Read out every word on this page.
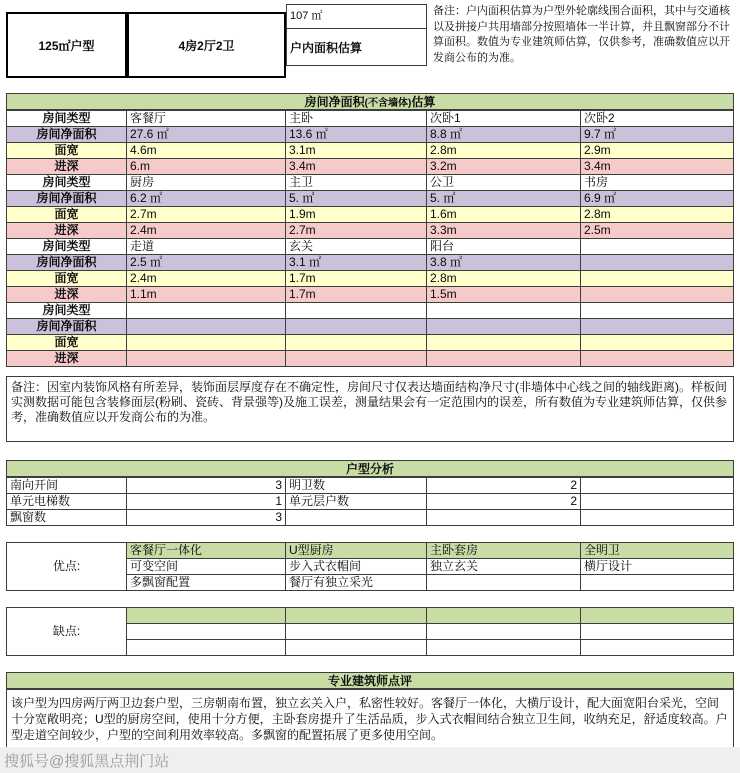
125㎡户型	4房2厅2卫
107 ㎡
户内面积估算
备注：户内面积估算为户型外轮廓线围合面积，其中与交通核以及拼接户共用墙部分按照墙体一半计算，并且飘窗部分不计算面积。数值为专业建筑师估算，仅供参考，准确数值应以开发商公布的为准。
房间净面积(不含墙体)估算
房间类型	客餐厅	主卧	次卧1	次卧2
房间净面积	27.6 ㎡	13.6 ㎡	8.8 ㎡	9.7 ㎡
面宽	4.6m	3.1m	2.8m	2.9m
进深	6.m	3.4m	3.2m	3.4m
房间类型	厨房	主卫	公卫	书房
房间净面积	6.2 ㎡	5. ㎡	5. ㎡	6.9 ㎡
面宽	2.7m	1.9m	1.6m	2.8m
进深	2.4m	2.7m	3.3m	2.5m
房间类型	走道	玄关	阳台
房间净面积	2.5 ㎡	3.1 ㎡	3.8 ㎡
面宽	2.4m	1.7m	2.8m
进深	1.1m	1.7m	1.5m
房间类型
房间净面积
面宽
进深
备注：因室内装饰风格有所差异，装饰面层厚度存在不确定性，房间尺寸仅表达墙面结构净尺寸(非墙体中心线之间的轴线距离)。样板间实测数据可能包含装修面层(粉刷、瓷砖、背景强等)及施工误差，测量结果会有一定范围内的误差，所有数值为专业建筑师估算，仅供参考，准确数值应以开发商公布的为准。
户型分析
南向开间	3 明卫数	2
单元电梯数	1 单元层户数	2
飘窗数	3
优点:
客餐厅一体化	U型厨房	主卧套房	全明卫
可变空间	步入式衣帽间	独立玄关	横厅设计
多飘窗配置	餐厅有独立采光
缺点:
专业建筑师点评
该户型为四房两厅两卫边套户型，三房朝南布置，独立玄关入户，私密性较好。客餐厅一体化，大横厅设计，配大面宽阳台采光，空间十分宽敞明亮；U型的厨房空间，使用十分方便，主卧套房提升了生活品质，步入式衣帽间结合独立卫生间，收纳充足，舒适度较高。户型走道空间较少，户型的空间利用效率较高。多飘窗的配置拓展了更多使用空间。
搜狐号@搜狐黑点荆门站
